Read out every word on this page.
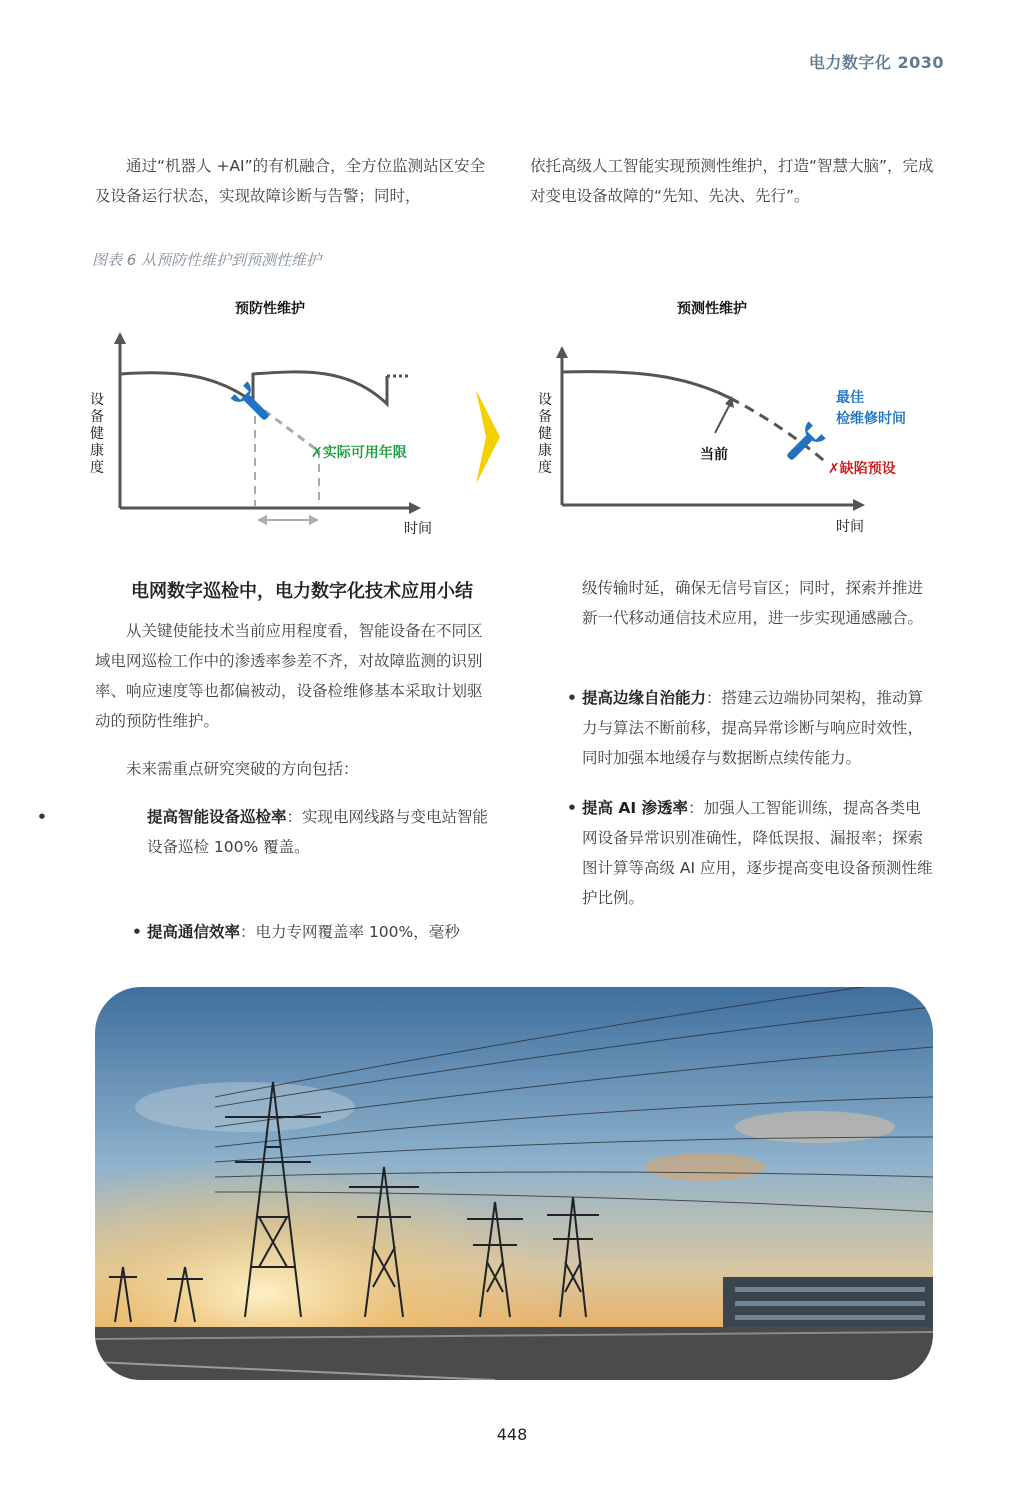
电力数字化 2030

通过“机器人 +AI”的有机融合，全方位监测站区安全及设备运行状态，实现故障诊断与告警；同时，

依托高级人工智能实现预测性维护，打造“智慧大脑”，完成对变电设备故障的“先知、先决、先行”。

图表 6 从预防性维护到预测性维护
预防性维护
设备健康度
时间
✗实际可用年限
预测性维护
设备健康度
时间
当前
最佳
检维修时间
✗缺陷预设

电网数字巡检中，电力数字化技术应用小结

从关键使能技术当前应用程度看，智能设备在不同区域电网巡检工作中的渗透率参差不齐，对故障监测的识别率、响应速度等也都偏被动，设备检维修基本采取计划驱动的预防性维护。

未来需重点研究突破的方向包括：

• 提高智能设备巡检率：实现电网线路与变电站智能设备巡检 100% 覆盖。
• 提高通信效率：电力专网覆盖率 100%，毫秒
级传输时延，确保无信号盲区；同时，探索并推进 新一代移动通信技术应用，进一步实现通感融合。
• 提高边缘自治能力：搭建云边端协同架构，推动算力与算法不断前移，提高异常诊断与响应时效性，同时加强本地缓存与数据断点续传能力。
• 提高 AI 渗透率：加强人工智能训练，提高各类电网设备异常识别准确性，降低误报、漏报率；探索图计算等高级 AI 应用，逐步提高变电设备预测性维护比例。
448
